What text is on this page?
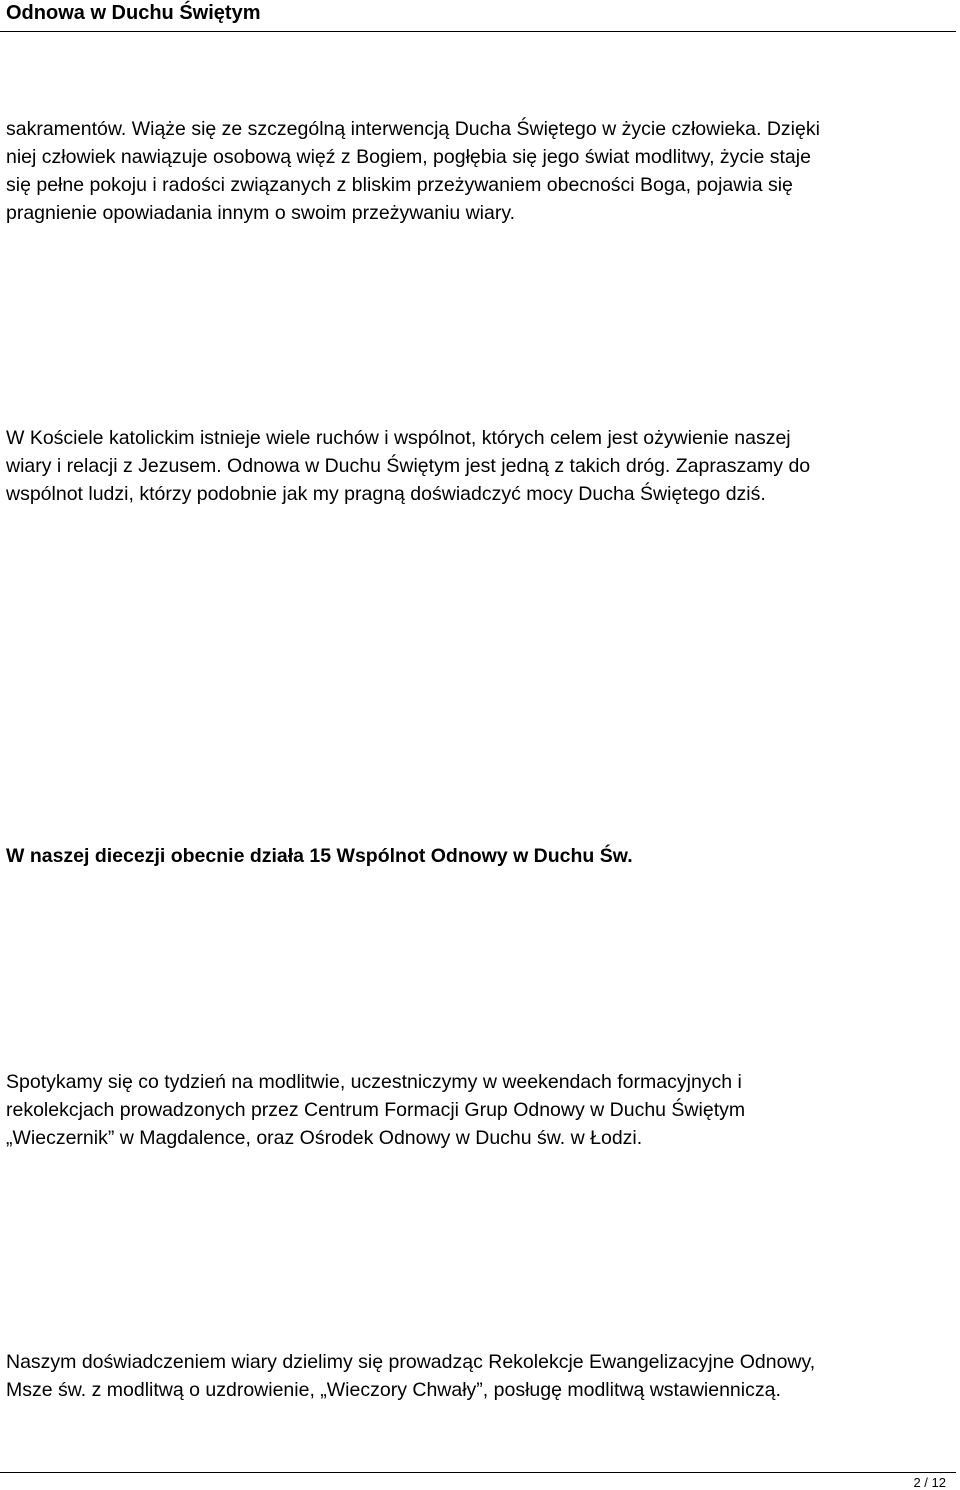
Odnowa w Duchu Świętym

sakramentów. Wiąże się ze szczególną interwencją Ducha Świętego w życie człowieka. Dzięki
niej człowiek nawiązuje osobową więź z Bogiem, pogłębia się jego świat modlitwy, życie staje
się pełne pokoju i radości związanych z bliskim przeżywaniem obecności Boga, pojawia się
pragnienie opowiadania innym o swoim przeżywaniu wiary.

W Kościele katolickim istnieje wiele ruchów i wspólnot, których celem jest ożywienie naszej
wiary i relacji z Jezusem. Odnowa w Duchu Świętym jest jedną z takich dróg. Zapraszamy do
wspólnot ludzi, którzy podobnie jak my pragną doświadczyć mocy Ducha Świętego dziś.

W naszej diecezji obecnie działa 15 Wspólnot Odnowy w Duchu Św.

Spotykamy się co tydzień na modlitwie, uczestniczymy w weekendach formacyjnych i
rekolekcjach prowadzonych przez Centrum Formacji Grup Odnowy w Duchu Świętym
„Wieczernik” w Magdalence, oraz Ośrodek Odnowy w Duchu św. w Łodzi.

Naszym doświadczeniem wiary dzielimy się prowadząc Rekolekcje Ewangelizacyjne Odnowy,
Msze św. z modlitwą o uzdrowienie, „Wieczory Chwały”, posługę modlitwą wstawienniczą.

2 / 12
